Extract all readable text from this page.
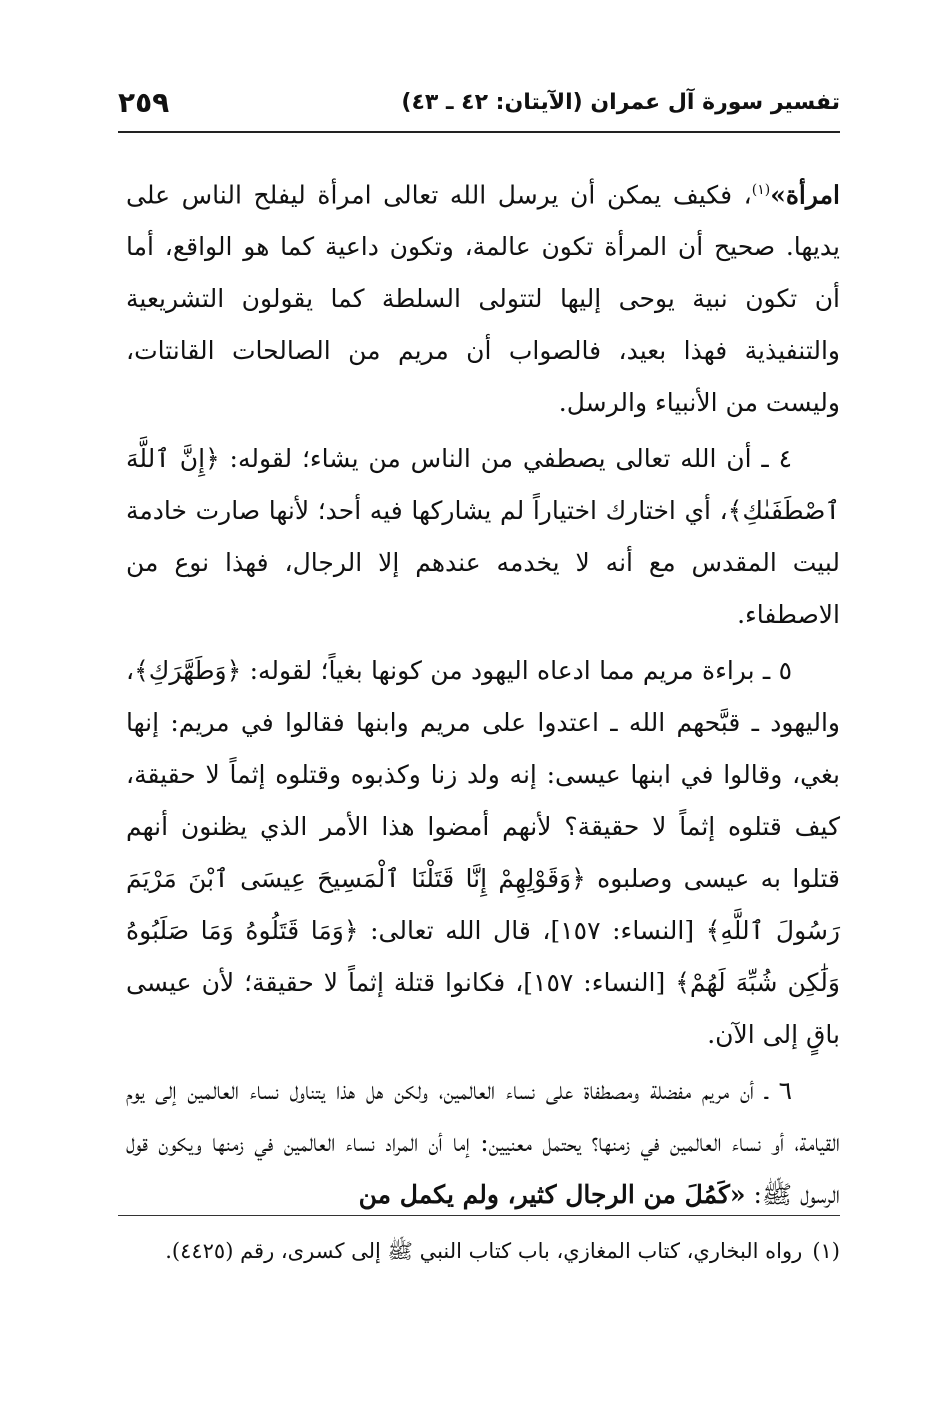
تفسير سورة آل عمران (الآيتان: ٤٢ ـ ٤٣)
٢٥٩

امرأة»$^{(١)}$، فكيف يمكن أن يرسل الله تعالى امرأة ليفلح الناس على يديها. صحيح أن المرأة تكون عالمة، وتكون داعية كما هو الواقع، أما أن تكون نبية يوحى إليها لتتولى السلطة كما يقولون التشريعية والتنفيذية فهذا بعيد، فالصواب أن مريم من الصالحات القانتات، وليست من الأنبياء والرسل.

٤ ـ أن الله تعالى يصطفي من الناس من يشاء؛ لقوله: ﴿إِنَّ ٱللَّهَ ٱصْطَفَىٰكِ﴾، أي اختارك اختياراً لم يشاركها فيه أحد؛ لأنها صارت خادمة لبيت المقدس مع أنه لا يخدمه عندهم إلا الرجال، فهذا نوع من الاصطفاء.

٥ ـ براءة مريم مما ادعاه اليهود من كونها بغياً؛ لقوله: ﴿وَطَهَّرَكِ﴾، واليهود ـ قبَّحهم الله ـ اعتدوا على مريم وابنها فقالوا في مريم: إنها بغي، وقالوا في ابنها عيسى: إنه ولد زنا وكذبوه وقتلوه إثماً لا حقيقة، كيف قتلوه إثماً لا حقيقة؟ لأنهم أمضوا هذا الأمر الذي يظنون أنهم قتلوا به عيسى وصلبوه ﴿وَقَوْلِهِمْ إِنَّا قَتَلْنَا ٱلْمَسِيحَ عِيسَى ٱبْنَ مَرْيَمَ رَسُولَ ٱللَّهِ﴾ [النساء: ١٥٧]، قال الله تعالى: ﴿وَمَا قَتَلُوهُ وَمَا صَلَبُوهُ وَلَٰكِن شُبِّهَ لَهُمْ﴾ [النساء: ١٥٧]، فكانوا قتلة إثماً لا حقيقة؛ لأن عيسى باقٍ إلى الآن.

٦ ـ أن مريم مفضلة ومصطفاة على نساء العالمين، ولكن هل هذا يتناول نساء العالمين إلى يوم القيامة، أو نساء العالمين في زمنها؟ يحتمل معنيين: إما أن المراد نساء العالمين في زمنها ويكون قول الرسول ﷺ: «كَمُلَ من الرجال كثير، ولم يكمل من

(١)رواه البخاري، كتاب المغازي، باب كتاب النبي ﷺ إلى كسرى، رقم (٤٤٢٥).
